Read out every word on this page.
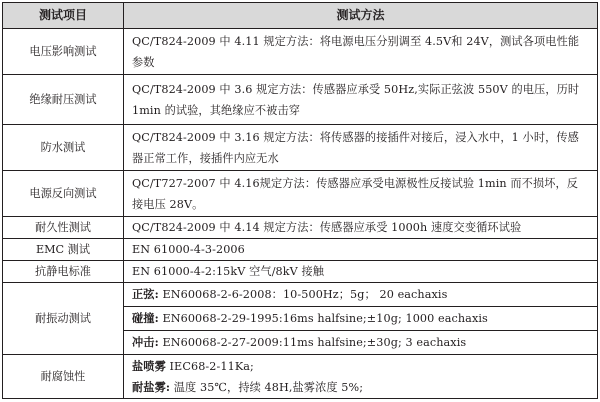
测试项目	测试方法
电压影响测试	QC/T824-2009 中 4.11 规定方法：将电源电压分别调至 4.5V和 24V，测试各项电性能参数
绝缘耐压测试	QC/T824-2009 中 3.6 规定方法：传感器应承受 50Hz,实际正弦波 550V 的电压，历时 1min 的试验，其绝缘应不被击穿
防水测试	QC/T824-2009 中 3.16 规定方法：将传感器的接插件对接后，浸入水中，1 小时，传感器正常工作，接插件内应无水
电源反向测试	QC/T727-2007 中 4.16规定方法：传感器应承受电源极性反接试验 1min 而不损坏，反接电压 28V。
耐久性测试	QC/T824-2009 中 4.14 规定方法：传感器应承受 1000h 速度交变循环试验
EMC 测试	EN 61000-4-3-2006
抗静电标准	EN 61000-4-2:15kV 空气/8kV 接触
耐振动测试	正弦: EN60068-2-6-2008：10-500Hz；5g； 20 eachaxis
碰撞: EN60068-2-29-1995:16ms halfsine;±10g; 1000 eachaxis
冲击: EN60068-2-27-2009:11ms halfsine;±30g; 3 eachaxis

耐腐蚀性	盐喷雾 IEC68-2-11Ka;
耐盐雾: 温度 35℃，持续 48H,盐雾浓度 5%;
